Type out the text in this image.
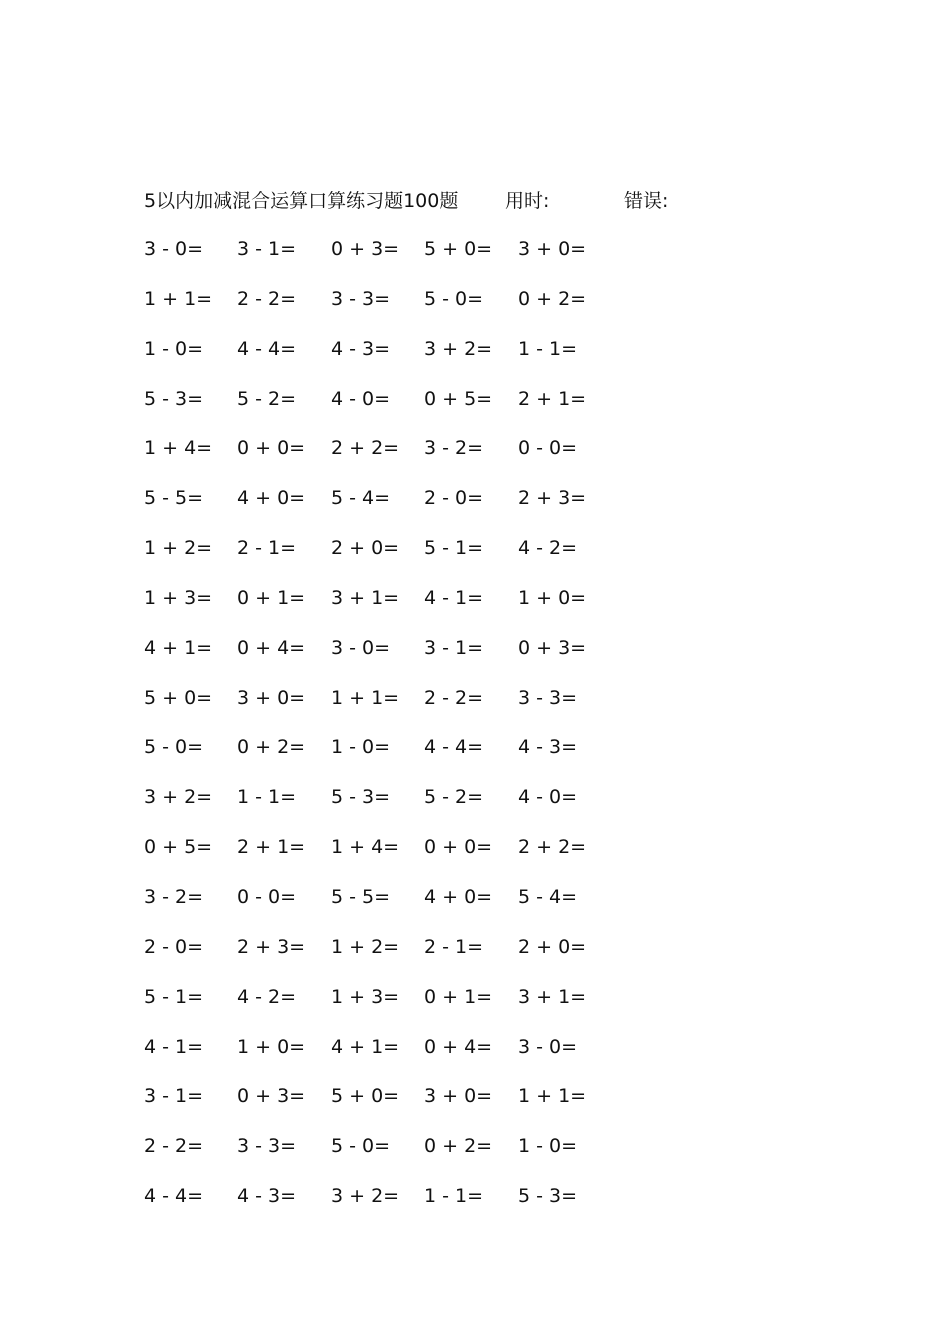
5以内加减混合运算口算练习题100题 用时:	错误:
3 - 0= 3 - 1= 0 + 3= 5 + 0= 3 + 0=
1 + 1= 2 - 2= 3 - 3= 5 - 0= 0 + 2=
1 - 0= 4 - 4= 4 - 3= 3 + 2= 1 - 1=
5 - 3= 5 - 2= 4 - 0= 0 + 5= 2 + 1=
1 + 4= 0 + 0= 2 + 2= 3 - 2= 0 - 0=
5 - 5= 4 + 0= 5 - 4= 2 - 0= 2 + 3=
1 + 2= 2 - 1= 2 + 0= 5 - 1= 4 - 2=
1 + 3= 0 + 1= 3 + 1= 4 - 1= 1 + 0=
4 + 1= 0 + 4= 3 - 0= 3 - 1= 0 + 3=
5 + 0= 3 + 0= 1 + 1= 2 - 2= 3 - 3=
5 - 0= 0 + 2= 1 - 0= 4 - 4= 4 - 3=
3 + 2= 1 - 1= 5 - 3= 5 - 2= 4 - 0=
0 + 5= 2 + 1= 1 + 4= 0 + 0= 2 + 2=
3 - 2= 0 - 0= 5 - 5= 4 + 0= 5 - 4=
2 - 0= 2 + 3= 1 + 2= 2 - 1= 2 + 0=
5 - 1= 4 - 2= 1 + 3= 0 + 1= 3 + 1=
4 - 1= 1 + 0= 4 + 1= 0 + 4= 3 - 0=
3 - 1= 0 + 3= 5 + 0= 3 + 0= 1 + 1=
2 - 2= 3 - 3= 5 - 0= 0 + 2= 1 - 0=
4 - 4= 4 - 3= 3 + 2= 1 - 1= 5 - 3=
